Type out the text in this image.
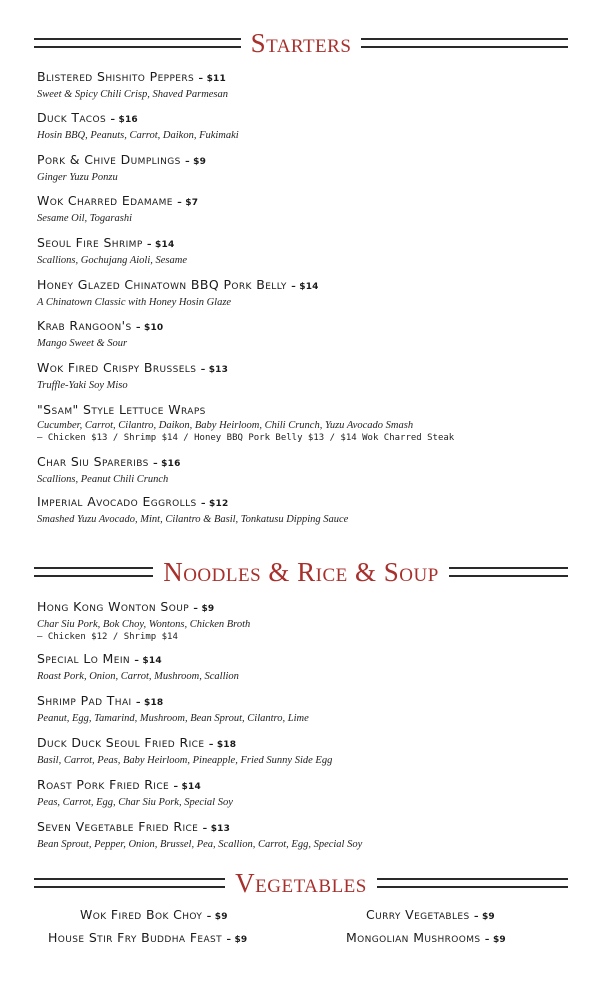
Starters
Blistered Shishito Peppers – $11
Sweet & Spicy Chili Crisp, Shaved Parmesan
Duck Tacos – $16
Hosin BBQ, Peanuts, Carrot, Daikon, Fukimaki
Pork & Chive Dumplings – $9
Ginger Yuzu Ponzu
Wok Charred Edamame – $7
Sesame Oil, Togarashi
Seoul Fire Shrimp – $14
Scallions, Gochujang Aioli, Sesame
Honey Glazed Chinatown BBQ Pork Belly – $14
A Chinatown Classic with Honey Hosin Glaze
Krab Rangoon's – $10
Mango Sweet & Sour
Wok Fired Crispy Brussels – $13
Truffle-Yaki Soy Miso
"Ssam" Style Lettuce Wraps
Cucumber, Carrot, Cilantro, Daikon, Baby Heirloom, Chili Crunch, Yuzu Avocado Smash
– Chicken $13 / Shrimp $14 / Honey BBQ Pork Belly $13 / $14 Wok Charred Steak
Char Siu Spareribs – $16
Scallions, Peanut Chili Crunch
Imperial Avocado Eggrolls – $12
Smashed Yuzu Avocado, Mint, Cilantro & Basil, Tonkatusu Dipping Sauce
Noodles & Rice & Soup
Hong Kong Wonton Soup – $9
Char Siu Pork, Bok Choy, Wontons, Chicken Broth
– Chicken $12 / Shrimp $14
Special Lo Mein – $14
Roast Pork, Onion, Carrot, Mushroom, Scallion
Shrimp Pad Thai – $18
Peanut, Egg, Tamarind, Mushroom, Bean Sprout, Cilantro, Lime
Duck Duck Seoul Fried Rice – $18
Basil, Carrot, Peas, Baby Heirloom, Pineapple, Fried Sunny Side Egg
Roast Pork Fried Rice – $14
Peas, Carrot, Egg, Char Siu Pork, Special Soy
Seven Vegetable Fried Rice – $13
Bean Sprout, Pepper, Onion, Brussel, Pea, Scallion, Carrot, Egg, Special Soy
Vegetables
Wok Fired Bok Choy – $9	Curry Vegetables – $9
House Stir Fry Buddha Feast – $9	Mongolian Mushrooms – $9
